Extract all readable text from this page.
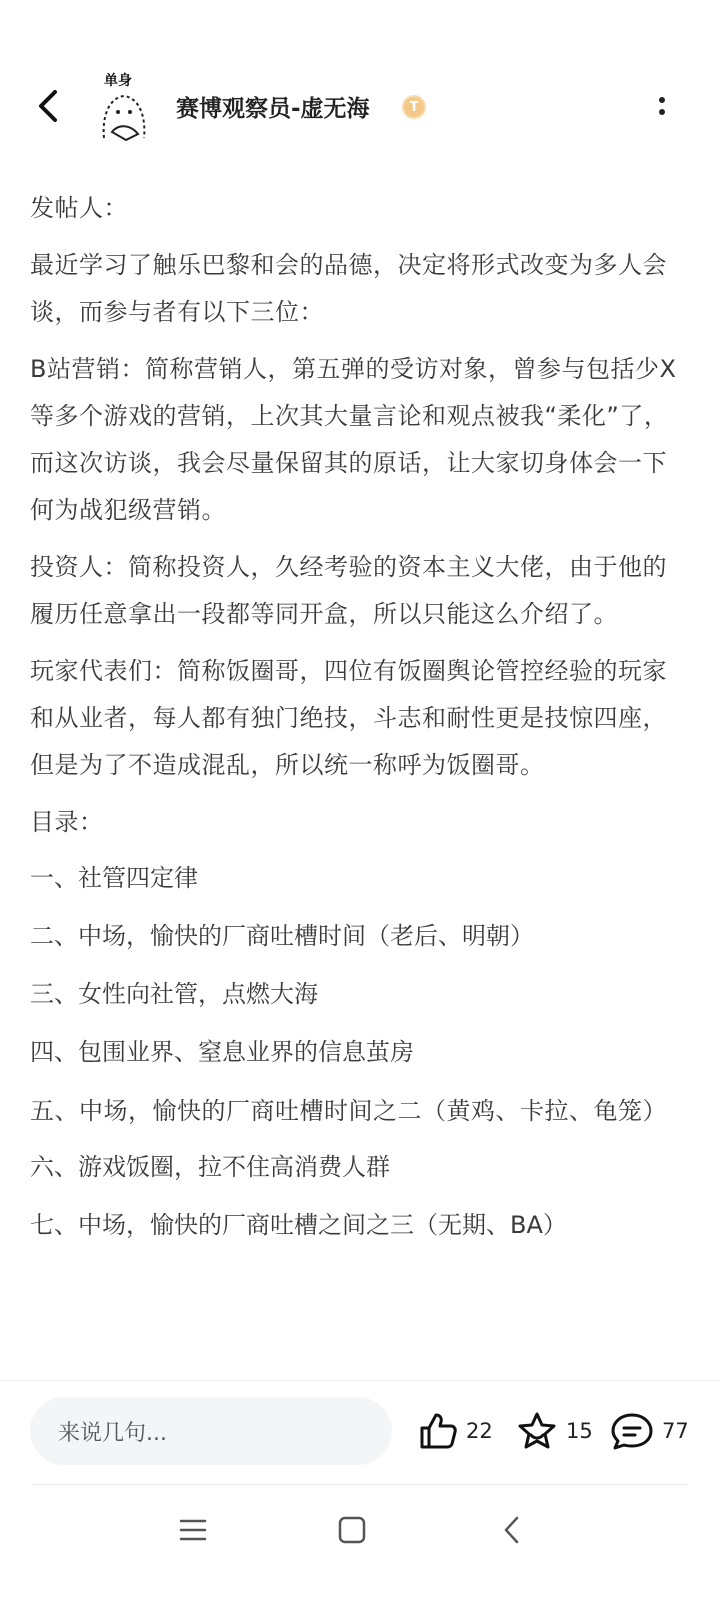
单身
赛博观察员-虚无海	T

发帖人：

最近学习了触乐巴黎和会的品德，决定将形式改变为多人会谈，而参与者有以下三位：

B站营销：简称营销人，第五弹的受访对象，曾参与包括少X等多个游戏的营销，上次其大量言论和观点被我“柔化”了，而这次访谈，我会尽量保留其的原话，让大家切身体会一下何为战犯级营销。

投资人：简称投资人，久经考验的资本主义大佬，由于他的履历任意拿出一段都等同开盒，所以只能这么介绍了。

玩家代表们：简称饭圈哥，四位有饭圈舆论管控经验的玩家和从业者，每人都有独门绝技，斗志和耐性更是技惊四座，但是为了不造成混乱，所以统一称呼为饭圈哥。

目录：

一、社管四定律

二、中场，愉快的厂商吐槽时间（老后、明朝）

三、女性向社管，点燃大海

四、包围业界、窒息业界的信息茧房

五、中场，愉快的厂商吐槽时间之二（黄鸡、卡拉、龟笼）

六、游戏饭圈，拉不住高消费人群

七、中场，愉快的厂商吐槽之间之三（无期、BA）

来说几句...	22	15	77
